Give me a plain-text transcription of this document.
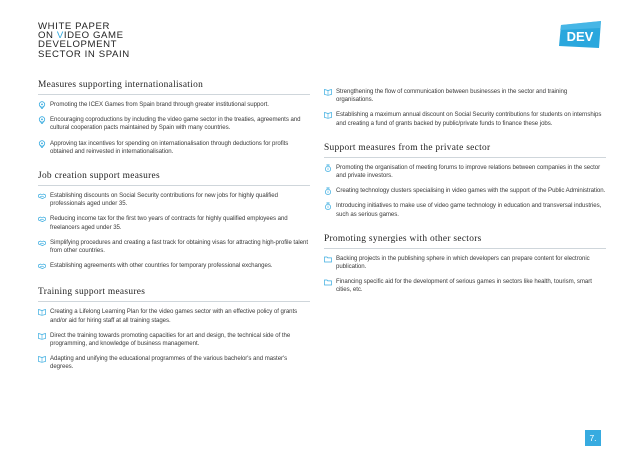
WHITE PAPER
ON VIDEO GAME
DEVELOPMENT
SECTOR IN SPAIN
DEV
Measures supporting internationalisation
Promoting the ICEX Games from Spain brand through greater institutional support.
Encouraging coproductions by including the video game sector in the treaties, agreements and cultural cooperation pacts maintained by Spain with many countries.
Approving tax incentives for spending on internationalisation through deductions for profits obtained and reinvested in internationalisation.
Job creation support measures
Establishing discounts on Social Security contributions for new jobs for highly qualified professionals aged under 35.
Reducing income tax for the first two years of contracts for highly qualified employees and freelancers aged under 35.
Simplifying procedures and creating a fast track for obtaining visas for attracting high-profile talent from other countries.
Establishing agreements with other countries for temporary professional exchanges.
Training support measures
Creating a Lifelong Learning Plan for the video games sector with an effective policy of grants and/or aid for hiring staff at all training stages.
Direct the training towards promoting capacities for art and design, the technical side of the programming, and knowledge of business management.
Adapting and unifying the educational programmes of the various bachelor's and master's degrees.
Strengthening the flow of communication between businesses in the sector and training organisations.
Establishing a maximum annual discount on Social Security contributions for students on internships and creating a fund of grants backed by public/private funds to finance these jobs.
Support measures from the private sector
Promoting the organisation of meeting forums to improve relations between companies in the sector and private investors.
Creating technology clusters specialising in video games with the support of the Public Administration.
Introducing initiatives to make use of video game technology in education and transversal industries, such as serious games.
Promoting synergies with other sectors
Backing projects in the publishing sphere in which developers can prepare content for electronic publication.
Financing specific aid for the development of serious games in sectors like health, tourism, smart cities, etc.
7.
